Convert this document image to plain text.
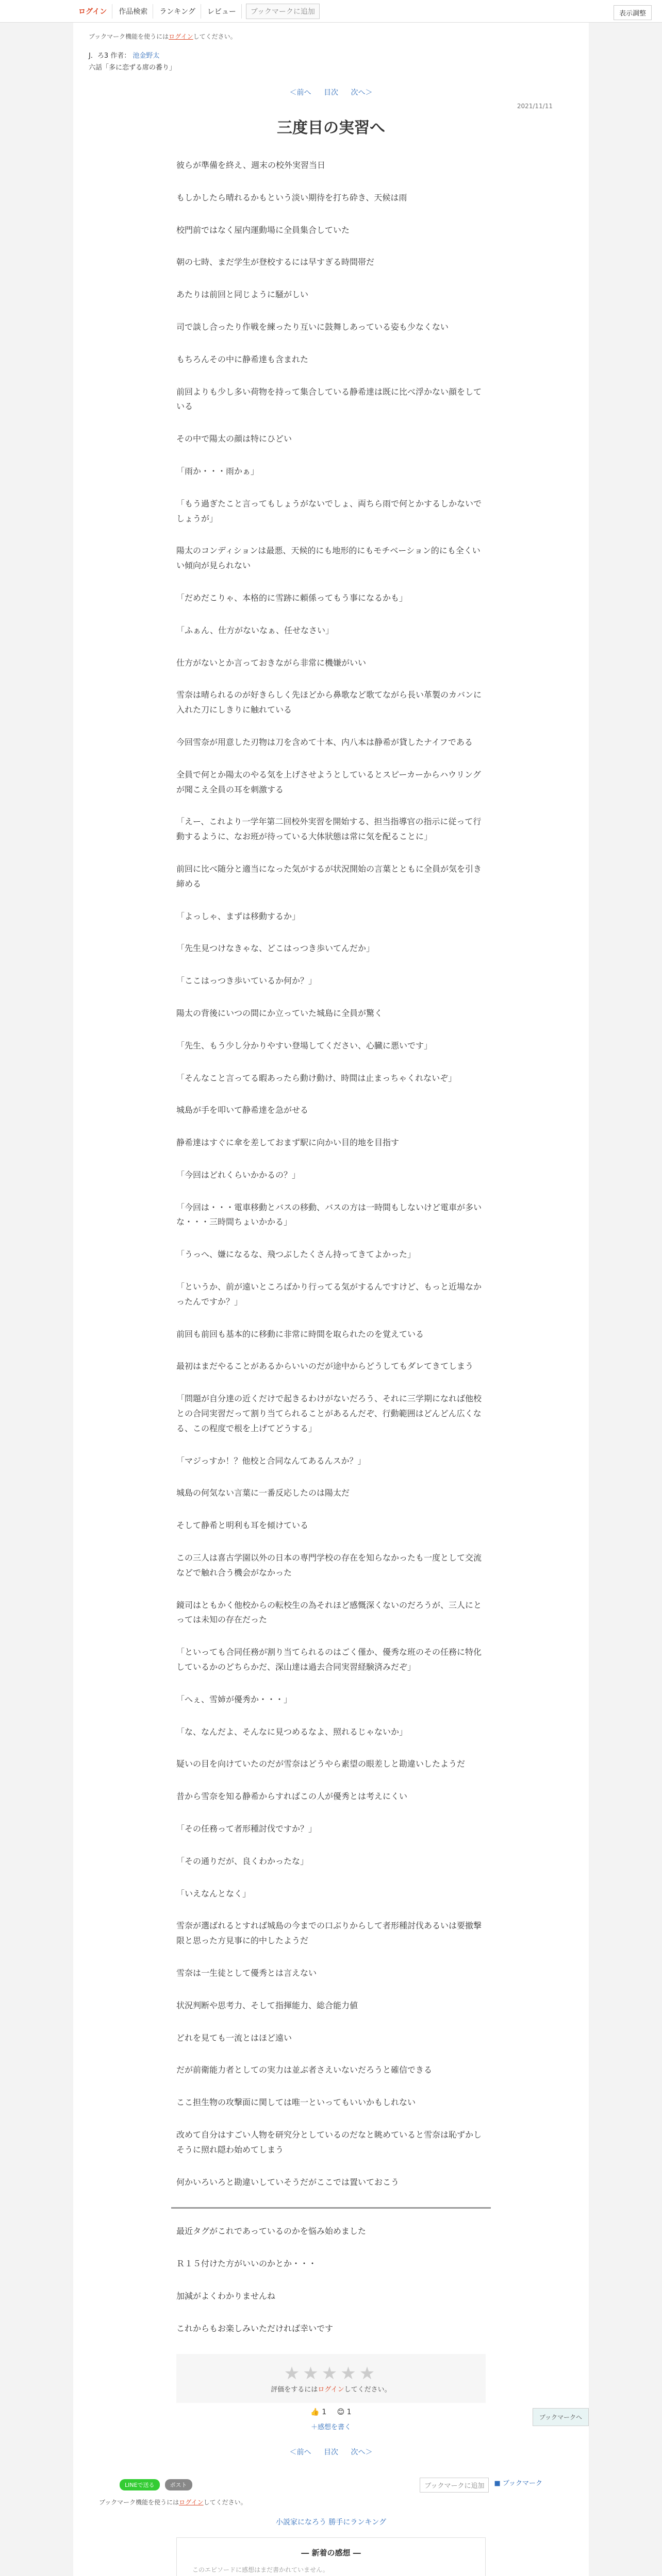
ログイン	作品検索	ランキング	レビュー	ブックマークに追加	表示調整
ブックマーク機能を使うにはログインしてください。
J．ろ3 作者： 池金野太
六話「多に恋ずる席の番り」
＜前へ 目次 次へ＞
2021/11/11
三度目の実習へ

彼らが準備を終え、週末の校外実習当日

もしかしたら晴れるかもという淡い期待を打ち砕き、天候は雨

校門前ではなく屋内運動場に全員集合していた

朝の七時、まだ学生が登校するには早すぎる時間帯だ

あたりは前回と同じように騒がしい

司で談し合ったり作戦を練ったり互いに鼓舞しあっている姿も少なくない

もちろんその中に静希達も含まれた

前回よりも少し多い荷物を持って集合している静希達は既に比べ浮かない顔をしている

その中で陽太の顔は特にひどい

「雨か・・・雨かぁ」

「もう過ぎたこと言ってもしょうがないでしょ、両ちら雨で何とかするしかないでしょうが」

陽太のコンディションは最悪、天候的にも地形的にもモチベーション的にも全くいい傾向が見られない

「だめだこりゃ、本格的に雪跡に頼係ってもう事になるかも」

「ふぁん、仕方がないなぁ、任せなさい」

仕方がないとか言っておきながら非常に機嫌がいい

雪奈は晴られるのが好きらしく先ほどから鼻歌など歌てながら長い革製のカバンに入れた刀にしきりに触れている

今回雪奈が用意した刃物は刀を含めて十本、内八本は静希が貸したナイフである

全員で何とか陽太のやる気を上げさせようとしているとスピーカーからハウリングが聞こえ全員の耳を刺激する

「えー、これより一学年第二回校外実習を開始する、担当指導官の指示に従って行動するように、なお班が待っている大体狀態は常に気を配ることに」

前回に比べ随分と適当になった気がするが状況開始の言葉とともに全員が気を引き締める

「よっしゃ、まずは移動するか」

「先生見つけなきゃな、どこはっつき歩いてんだか」

「ここはっつき歩いているか何か？」

陽太の背後にいつの間にか立っていた城島に全員が驚く

「先生、もう少し分かりやすい登場してください、心臓に悪いです」

「そんなこと言ってる暇あったら動け動け、時間は止まっちゃくれないぞ」

城島が手を叩いて静希達を急がせる

静希達はすぐに傘を差しておまず駅に向かい目的地を目指す

「今回はどれくらいかかるの？」

「今回は・・・電車移動とバスの移動、バスの方は一時間もしないけど電車が多いな・・・三時間ちょいかかる」

「うっへ、嫌になるな、飛つぶしたくさん持ってきてよかった」

「というか、前が遠いところばかり行ってる気がするんですけど、もっと近場なかったんですか？」

前回も前回も基本的に移動に非常に時間を取られたのを覚えている

最初はまだやることがあるからいいのだが途中からどうしてもダレてきてしまう

「問題が自分達の近くだけで起きるわけがないだろう、それに三学期になれば他校との合同実習だって割り当てられることがあるんだぞ、行動範囲はどんどん広くなる、この程度で根を上げてどうする」

「マジっすか！？他校と合同なんてあるんスか？」

城島の何気ない言葉に一番反応したのは陽太だ

そして静希と明利も耳を傾けている

この三人は喜古学園以外の日本の専門学校の存在を知らなかったも一度として交流などで触れ合う機会がなかった

鏡司はともかく他校からの転校生の為それほど感慨深くないのだろうが、三人にとっては未知の存在だった

「といっても合同任務が割り当てられるのはごく僅か、優秀な班のその任務に特化しているかのどちらかだ、深山達は過去合同実習経験済みだぞ」

「へぇ、雪姉が優秀か・・・」

「な、なんだよ、そんなに見つめるなよ、照れるじゃないか」

疑いの目を向けていたのだが雪奈はどうやら素望の眼差しと勘違いしたようだ

昔から雪奈を知る静希からすればこの人が優秀とは考えにくい

「その任務って者形種討伐ですか？」

「その通りだが、良くわかったな」

「いえなんとなく」

雪奈が選ばれるとすれば城島の今までの口ぶりからして者形種討伐あるいは要撤撃限と思った方見事に的中したようだ

雪奈は一生徒として優秀とは言えない

状況判断や思考力、そして指揮能力、総合能力値

どれを見ても一流とはほど遠い

だが前衛能力者としての実力は並ぶ者さえいないだろうと確信できる

ここ担生物の攻撃面に関しては唯一といってもいいかもしれない

改めて自分はすごい人物を研究分としているのだなと眺めていると雪奈は恥ずかしそうに照れ隠わ始めてしまう

何かいろいろと勘違いしていそうだがここでは置いておこう

最近タグがこれであっているのかを悩み始めました

Ｒ１５付けた方がいいのかとか・・・

加減がよくわかりませんね

これからもお楽しみいただければ幸いです

★★★★★
評価をするにはログインしてください。
👍 1 😊 1
＋感想を書く
＜前へ 目次 次へ＞
LINEで送る	ポスト	ブックマークに追加	■ ブックマーク
ブックマーク機能を使うにはログインしてください。
小説家になろう 勝手にランキング
― 新着の感想 ―
このエピソードに感想はまだ書かれていません。
ブックマークへ
